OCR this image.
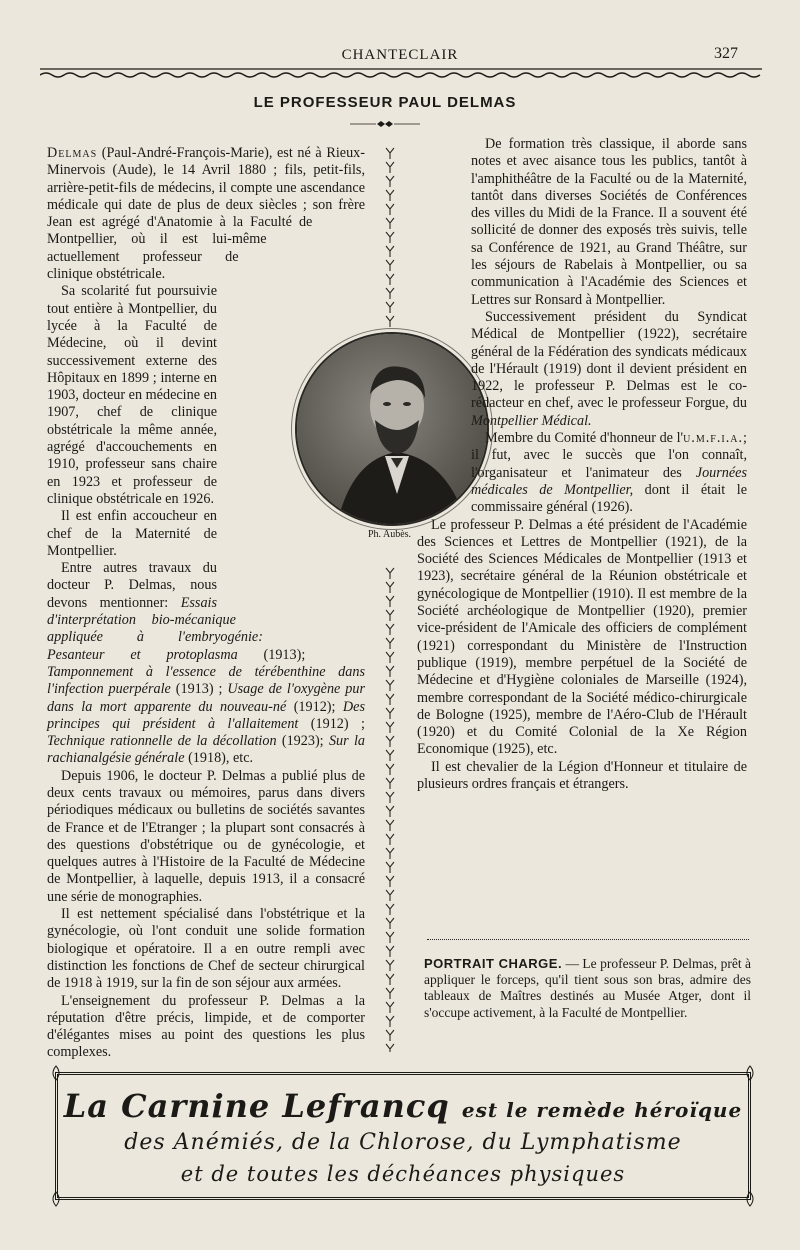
CHANTECLAIR	327
LE PROFESSEUR PAUL DELMAS

Delmas (Paul-André-François-Marie), est né à Rieux-Minervois (Aude), le 14 Avril 1880 ; fils, petit-fils, arrière-petit-fils de médecins, il compte une ascendance médicale qui date de plus de deux siècles ; son frère Jean est agrégé d'Anatomie à la Faculté de Montpellier, où il est lui-même actuellement professeur de clinique obstétricale.

Sa scolarité fut poursuivie tout entière à Montpellier, du lycée à la Faculté de Médecine, où il devint successivement externe des Hôpitaux en 1899 ; interne en 1903, docteur en médecine en 1907, chef de clinique obstétricale la même année, agrégé d'accouchements en 1910, professeur sans chaire en 1923 et professeur de clinique obstétricale en 1926.

Il est enfin accoucheur en chef de la Maternité de Montpellier.

Entre autres travaux du docteur P. Delmas, nous devons mentionner: Essais d'interprétation bio-mécanique appliquée à l'embryogénie: Pesanteur et protoplasma (1913); Tamponnement à l'essence de térébenthine dans l'infection puerpérale (1913) ; Usage de l'oxygène pur dans la mort apparente du nouveau-né (1912); Des principes qui président à l'allaitement (1912) ; Technique rationnelle de la décollation (1923); Sur la rachianalgésie générale (1918), etc.

Depuis 1906, le docteur P. Delmas a publié plus de deux cents travaux ou mémoires, parus dans divers périodiques médicaux ou bulletins de sociétés savantes de France et de l'Etranger ; la plupart sont consacrés à des questions d'obstétrique ou de gynécologie, et quelques autres à l'Histoire de la Faculté de Médecine de Montpellier, à laquelle, depuis 1913, il a consacré une série de monographies.

Il est nettement spécialisé dans l'obstétrique et la gynécologie, où l'ont conduit une solide formation biologique et opératoire. Il a en outre rempli avec distinction les fonctions de Chef de secteur chirurgical de 1918 à 1919, sur la fin de son séjour aux armées.

L'enseignement du professeur P. Delmas a la réputation d'être précis, limpide, et de comporter d'élégantes mises au point des questions les plus complexes.

Ph. Aubès.

De formation très classique, il aborde sans notes et avec aisance tous les publics, tantôt à l'amphithéâtre de la Faculté ou de la Maternité, tantôt dans diverses Sociétés de Conférences des villes du Midi de la France. Il a souvent été sollicité de donner des exposés très suivis, telle sa Conférence de 1921, au Grand Théâtre, sur les séjours de Rabelais à Montpellier, ou sa communication à l'Académie des Sciences et Lettres sur Ronsard à Montpellier.

Successivement président du Syndicat Médical de Montpellier (1922), secrétaire général de la Fédération des syndicats médicaux de l'Hérault (1919) dont il devient président en 1922, le professeur P. Delmas est le co-rédacteur en chef, avec le professeur Forgue, du Montpellier Médical.

Membre du Comité d'honneur de l'u.m.f.i.a.; il fut, avec le succès que l'on connaît, l'organisateur et l'animateur des Journées médicales de Montpellier, dont il était le commissaire général (1926).

Le professeur P. Delmas a été président de l'Académie des Sciences et Lettres de Montpellier (1921), de la Société des Sciences Médicales de Montpellier (1913 et 1923), secrétaire général de la Réunion obstétricale et gynécologique de Montpellier (1910). Il est membre de la Société archéologique de Montpellier (1920), premier vice-président de l'Amicale des officiers de complément (1921) correspondant du Ministère de l'Instruction publique (1919), membre perpétuel de la Société de Médecine et d'Hygiène coloniales de Marseille (1924), membre correspondant de la Société médico-chirurgicale de Bologne (1925), membre de l'Aéro-Club de l'Hérault (1920) et du Comité Colonial de la Xe Région Economique (1925), etc.

Il est chevalier de la Légion d'Honneur et titulaire de plusieurs ordres français et étrangers.

PORTRAIT CHARGE. — Le professeur P. Delmas, prêt à appliquer le forceps, qu'il tient sous son bras, admire des tableaux de Maîtres destinés au Musée Atger, dont il s'occupe activement, à la Faculté de Montpellier.
La Carnine Lefrancq est le remède héroïque
des Anémiés, de la Chlorose, du Lymphatisme
et de toutes les déchéances physiques
